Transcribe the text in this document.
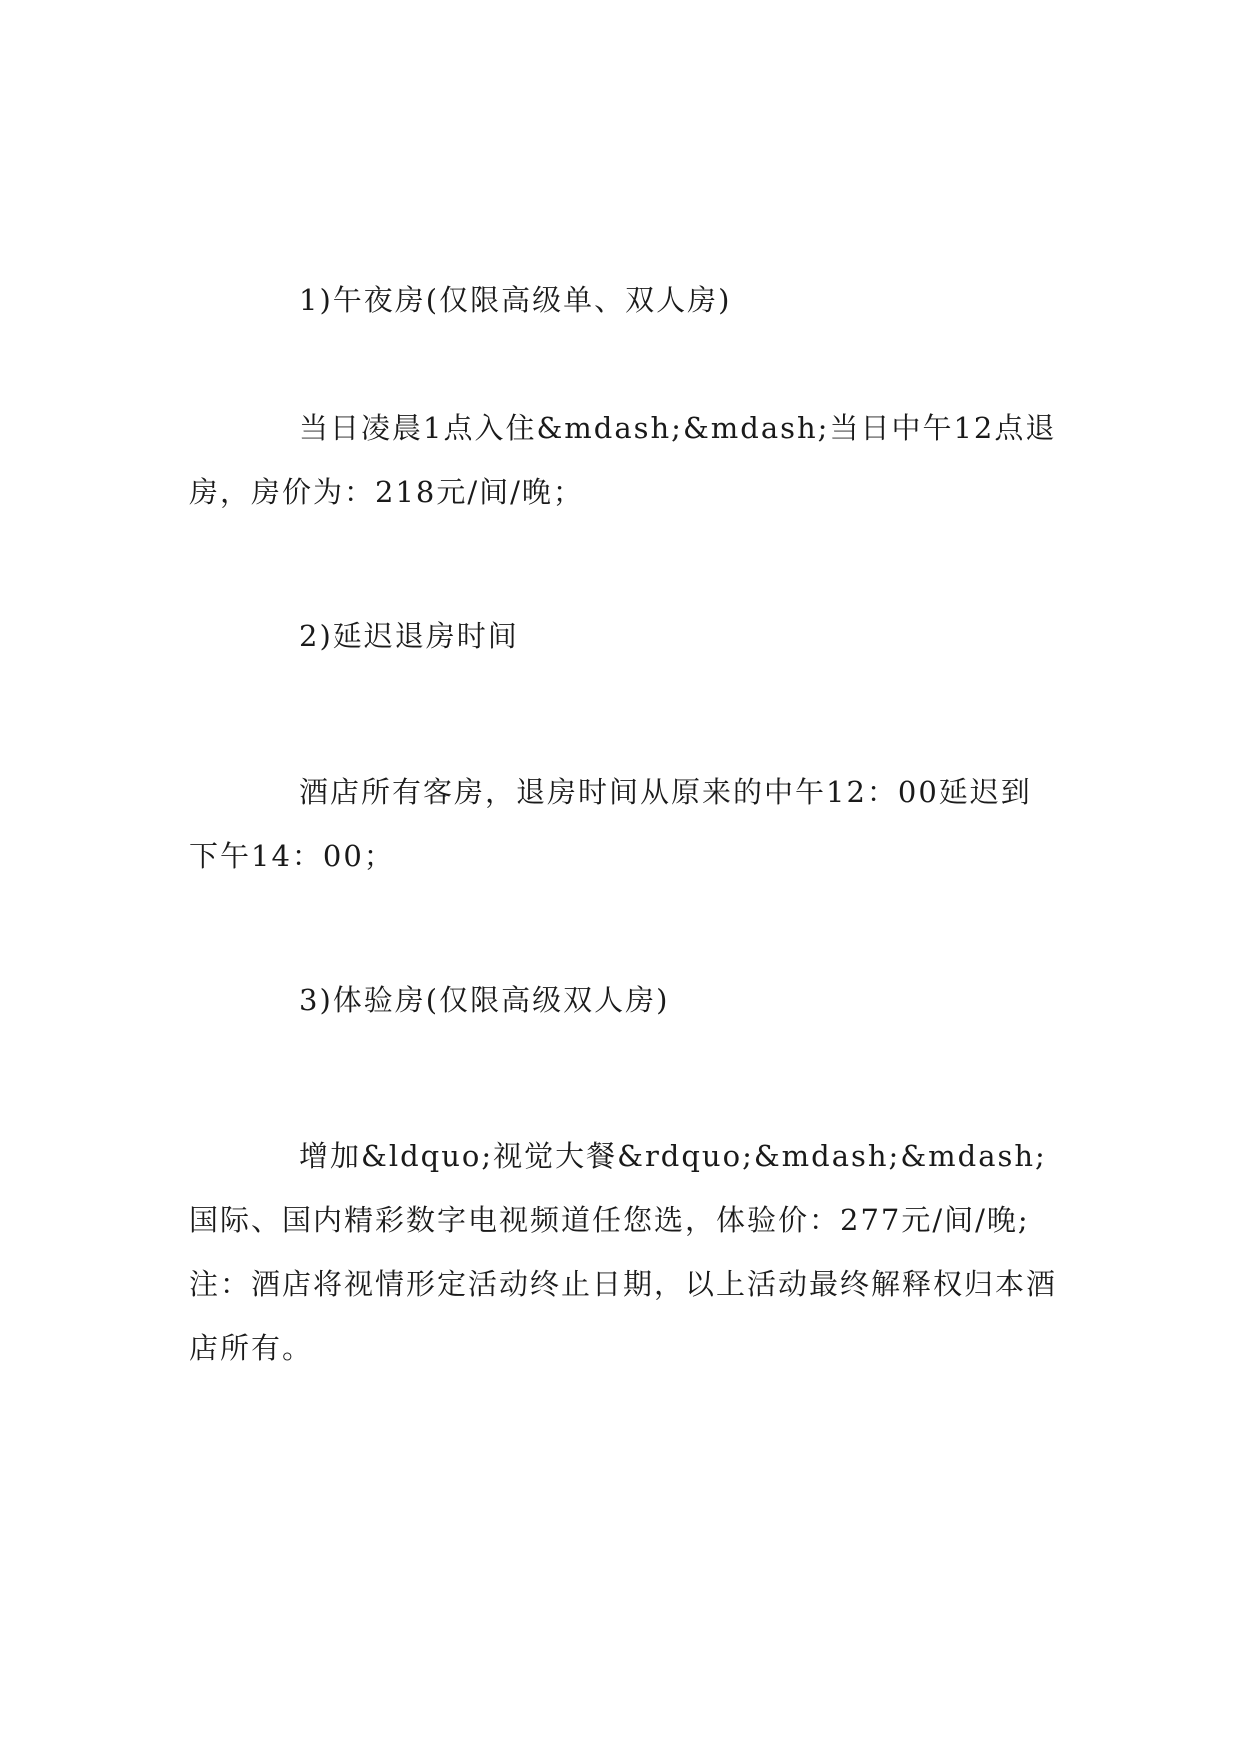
1)午夜房(仅限高级单、双人房)

当日凌晨1点入住&mdash;&mdash;当日中午12点退房，房价为：218元/间/晚；

2)延迟退房时间

酒店所有客房，退房时间从原来的中午12：00延迟到下午14：00；

3)体验房(仅限高级双人房)

增加&ldquo;视觉大餐&rdquo;&mdash;&mdash;国际、国内精彩数字电视频道任您选，体验价：277元/间/晚;注：酒店将视情形定活动终止日期，以上活动最终解释权归本酒店所有。
